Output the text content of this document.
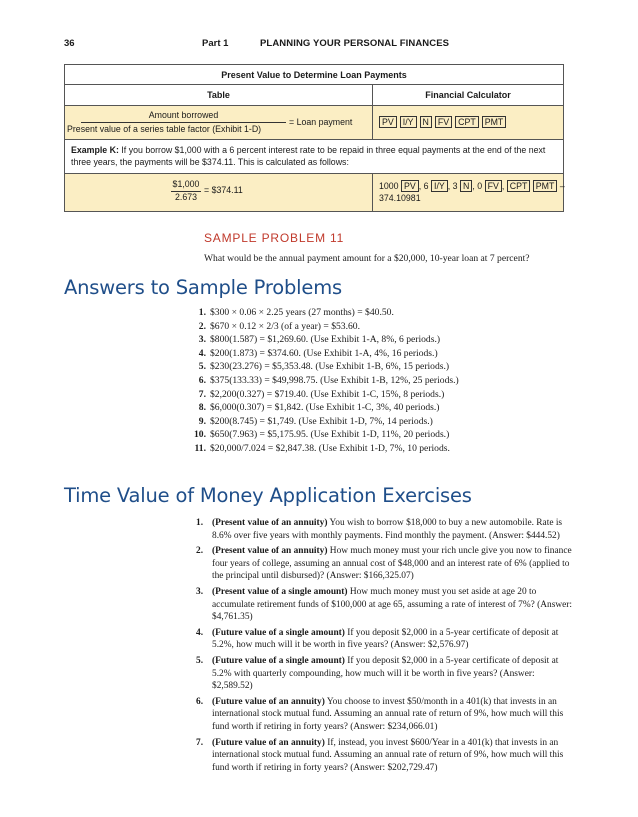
36	Part 1	PLANNING YOUR PERSONAL FINANCES
Present Value to Determine Loan Payments
Table	Financial Calculator
Amount borrowed
Present value of a series table factor (Exhibit 1-D)
= Loan payment	PV I/Y N FV CPT PMT
Example K: If you borrow $1,000 with a 6 percent interest rate to be repaid in three equal payments at the end of the next three years, the payments will be $374.11. This is calculated as follows:
$1,000
2.673
= $374.11	1000 PV , 6 I/Y , 3 N , 0 FV , CPT PMT –
374.10981
SAMPLE PROBLEM 11
What would be the annual payment amount for a $20,000, 10-year loan at 7 percent?
Answers to Sample Problems
1. $300 × 0.06 × 2.25 years (27 months) = $40.50.
2. $670 × 0.12 × 2/3 (of a year) = $53.60.
3. $800(1.587) = $1,269.60. (Use Exhibit 1-A, 8%, 6 periods.)
4. $200(1.873) = $374.60. (Use Exhibit 1-A, 4%, 16 periods.)
5. $230(23.276) = $5,353.48. (Use Exhibit 1-B, 6%, 15 periods.)
6. $375(133.33) = $49,998.75. (Use Exhibit 1-B, 12%, 25 periods.)
7. $2,200(0.327) = $719.40. (Use Exhibit 1-C, 15%, 8 periods.)
8. $6,000(0.307) = $1,842. (Use Exhibit 1-C, 3%, 40 periods.)
9. $200(8.745) = $1,749. (Use Exhibit 1-D, 7%, 14 periods.)
10. $650(7.963) = $5,175.95. (Use Exhibit 1-D, 11%, 20 periods.)
11. $20,000/7.024 = $2,847.38. (Use Exhibit 1-D, 7%, 10 periods.
Time Value of Money Application Exercises
1. (Present value of an annuity) You wish to borrow $18,000 to buy a new automobile. Rate is 8.6% over five years with monthly payments. Find monthly the payment. (Answer: $444.52)
2. (Present value of an annuity) How much money must your rich uncle give you now to finance four years of college, assuming an annual cost of $48,000 and an interest rate of 6% (applied to the principal until disbursed)? (Answer: $166,325.07)
3. (Present value of a single amount) How much money must you set aside at age 20 to accumulate retirement funds of $100,000 at age 65, assuming a rate of interest of 7%? (Answer: $4,761.35)
4. (Future value of a single amount) If you deposit $2,000 in a 5-year certificate of deposit at 5.2%, how much will it be worth in five years? (Answer: $2,576.97)
5. (Future value of a single amount) If you deposit $2,000 in a 5-year certificate of deposit at 5.2% with quarterly compounding, how much will it be worth in five years? (Answer: $2,589.52)
6. (Future value of an annuity) You choose to invest $50/month in a 401(k) that invests in an international stock mutual fund. Assuming an annual rate of return of 9%, how much will this fund worth if retiring in forty years? (Answer: $234,066.01)
7. (Future value of an annuity) If, instead, you invest $600/Year in a 401(k) that invests in an international stock mutual fund. Assuming an annual rate of return of 9%, how much will this fund worth if retiring in forty years? (Answer: $202,729.47)
